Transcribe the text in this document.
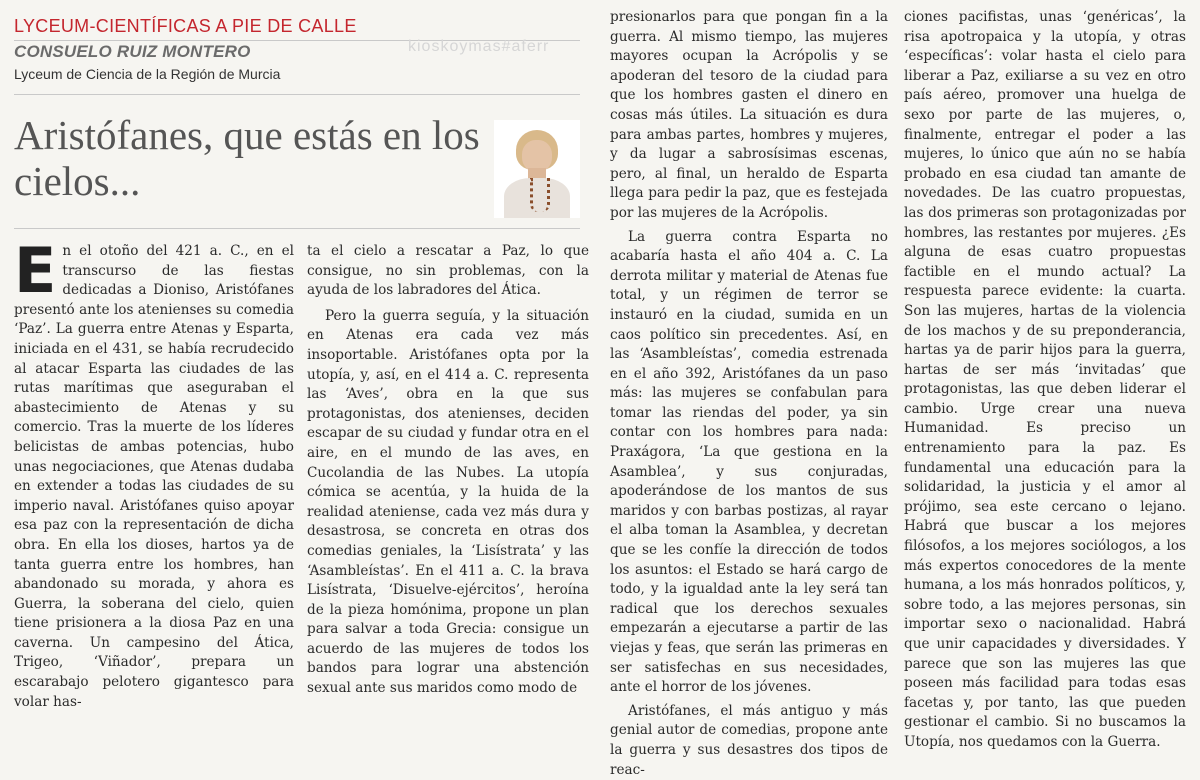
LYCEUM-CIENTÍFICAS A PIE DE CALLE
CONSUELO RUIZ MONTERO
Lyceum de Ciencia de la Región de Murcia
kioskoymas#aferr
Aristófanes, que estás en los cielos...

En el otoño del 421 a. C., en el transcurso de las fiestas dedicadas a Dioniso, Aristófanes presentó ante los atenienses su comedia ‘Paz’. La guerra entre Atenas y Esparta, iniciada en el 431, se había recrudecido al atacar Esparta las ciudades de las rutas marítimas que aseguraban el abastecimiento de Atenas y su comercio. Tras la muerte de los líderes belicistas de ambas potencias, hubo unas negociaciones, que Atenas dudaba en extender a todas las ciudades de su imperio naval. Aristófanes quiso apoyar esa paz con la representación de dicha obra. En ella los dioses, hartos ya de tanta guerra entre los hombres, han abandonado su morada, y ahora es Guerra, la soberana del cielo, quien tiene prisionera a la diosa Paz en una caverna. Un campesino del Ática, Trigeo, ‘Viñador’, prepara un escarabajo pelotero gigantesco para volar has-

ta el cielo a rescatar a Paz, lo que consigue, no sin problemas, con la ayuda de los labradores del Ática.

Pero la guerra seguía, y la situación en Atenas era cada vez más insoportable. Aristófanes opta por la utopía, y, así, en el 414 a. C. representa las ‘Aves’, obra en la que sus protagonistas, dos atenienses, deciden escapar de su ciudad y fundar otra en el aire, en el mundo de las aves, en Cucolandia de las Nubes. La utopía cómica se acentúa, y la huida de la realidad ateniense, cada vez más dura y desastrosa, se concreta en otras dos comedias geniales, la ‘Lisístrata’ y las ‘Asambleístas’. En el 411 a. C. la brava Lisístrata, ‘Disuelve-ejércitos’, heroína de la pieza homónima, propone un plan para salvar a toda Grecia: consigue un acuerdo de las mujeres de todos los bandos para lograr una abstención sexual ante sus maridos como modo de

presionarlos para que pongan fin a la guerra. Al mismo tiempo, las mujeres mayores ocupan la Acrópolis y se apoderan del tesoro de la ciudad para que los hombres gasten el dinero en cosas más útiles. La situación es dura para ambas partes, hombres y mujeres, y da lugar a sabrosísimas escenas, pero, al final, un heraldo de Esparta llega para pedir la paz, que es festejada por las mujeres de la Acrópolis.

La guerra contra Esparta no acabaría hasta el año 404 a. C. La derrota militar y material de Atenas fue total, y un régimen de terror se instauró en la ciudad, sumida en un caos político sin precedentes. Así, en las ‘Asambleístas’, comedia estrenada en el año 392, Aristófanes da un paso más: las mujeres se confabulan para tomar las riendas del poder, ya sin contar con los hombres para nada: Praxágora, ‘La que gestiona en la Asamblea’, y sus conjuradas, apoderándose de los mantos de sus maridos y con barbas postizas, al rayar el alba toman la Asamblea, y decretan que se les confíe la dirección de todos los asuntos: el Estado se hará cargo de todo, y la igualdad ante la ley será tan radical que los derechos sexuales empezarán a ejecutarse a partir de las viejas y feas, que serán las primeras en ser satisfechas en sus necesidades, ante el horror de los jóvenes.

Aristófanes, el más antiguo y más genial autor de comedias, propone ante la guerra y sus desastres dos tipos de reac-

ciones pacifistas, unas ‘genéricas’, la risa apotropaica y la utopía, y otras ‘específicas’: volar hasta el cielo para liberar a Paz, exiliarse a su vez en otro país aéreo, promover una huelga de sexo por parte de las mujeres, o, finalmente, entregar el poder a las mujeres, lo único que aún no se había probado en esa ciudad tan amante de novedades. De las cuatro propuestas, las dos primeras son protagonizadas por hombres, las restantes por mujeres. ¿Es alguna de esas cuatro propuestas factible en el mundo actual? La respuesta parece evidente: la cuarta. Son las mujeres, hartas de la violencia de los machos y de su preponderancia, hartas ya de parir hijos para la guerra, hartas de ser más ‘invitadas’ que protagonistas, las que deben liderar el cambio. Urge crear una nueva Humanidad. Es preciso un entrenamiento para la paz. Es fundamental una educación para la solidaridad, la justicia y el amor al prójimo, sea este cercano o lejano. Habrá que buscar a los mejores filósofos, a los mejores sociólogos, a los más expertos conocedores de la mente humana, a los más honrados políticos, y, sobre todo, a las mejores personas, sin importar sexo o nacionalidad. Habrá que unir capacidades y diversidades. Y parece que son las mujeres las que poseen más facilidad para todas esas facetas y, por tanto, las que pueden gestionar el cambio. Si no buscamos la Utopía, nos quedamos con la Guerra.
